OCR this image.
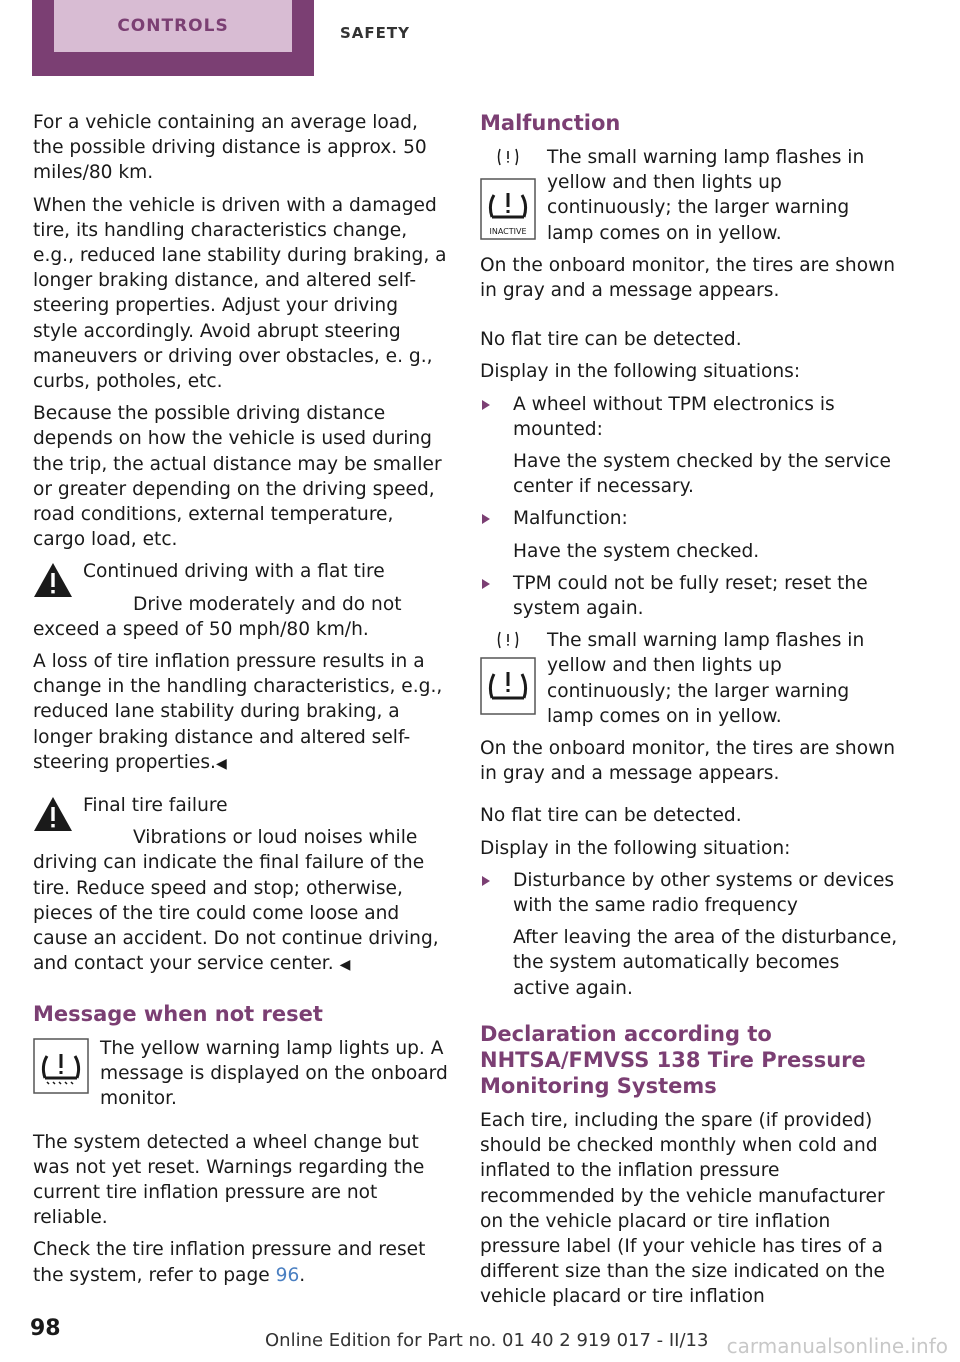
CONTROLS	SAFETY

For a vehicle containing an average load, the possible driving distance is approx. 50 miles/80 km.

When the vehicle is driven with a damaged tire, its handling characteristics change, e.g., reduced lane stability during braking, a longer braking distance, and altered self-steering properties. Adjust your driving style accordingly. Avoid abrupt steering maneuvers or driving over obstacles, e. g., curbs, potholes, etc.

Because the possible driving distance depends on how the vehicle is used during the trip, the actual distance may be smaller or greater depending on the driving speed, road conditions, external temperature, cargo load, etc.

Continued driving with a flat tire
Drive moderately and do not exceed a speed of 50 mph/80 km/h.

A loss of tire inflation pressure results in a change in the handling characteristics, e.g., reduced lane stability during braking, a longer braking distance and altered self-steering properties.◀

Final tire failure
Vibrations or loud noises while driving can indicate the final failure of the tire. Reduce speed and stop; otherwise, pieces of the tire could come loose and cause an accident. Do not continue driving, and contact your service center. ◀
Message when not reset
The yellow warning lamp lights up. A message is displayed on the onboard monitor.

The system detected a wheel change but was not yet reset. Warnings regarding the current tire inflation pressure are not reliable.

Check the tire inflation pressure and reset the system, refer to page 96.

Malfunction
INACTIVE
The small warning lamp flashes in yellow and then lights up continuously; the larger warning lamp comes on in yellow.

On the onboard monitor, the tires are shown in gray and a message appears.

No flat tire can be detected.

Display in the following situations:

A wheel without TPM electronics is mounted:
Have the system checked by the service center if necessary.
Malfunction:
Have the system checked.
TPM could not be fully reset; reset the system again.
The small warning lamp flashes in yellow and then lights up continuously; the larger warning lamp comes on in yellow.

On the onboard monitor, the tires are shown in gray and a message appears.

No flat tire can be detected.

Display in the following situation:

Disturbance by other systems or devices with the same radio frequency
After leaving the area of the disturbance, the system automatically becomes active again.
Declaration according to NHTSA/FMVSS 138 Tire Pressure Monitoring Systems

Each tire, including the spare (if provided) should be checked monthly when cold and inflated to the inflation pressure recommended by the vehicle manufacturer on the vehicle placard or tire inflation pressure label (If your vehicle has tires of a different size than the size indicated on the vehicle placard or tire inflation

98	Online Edition for Part no. 01 40 2 919 017 - II/13 carmanualsonline.info
